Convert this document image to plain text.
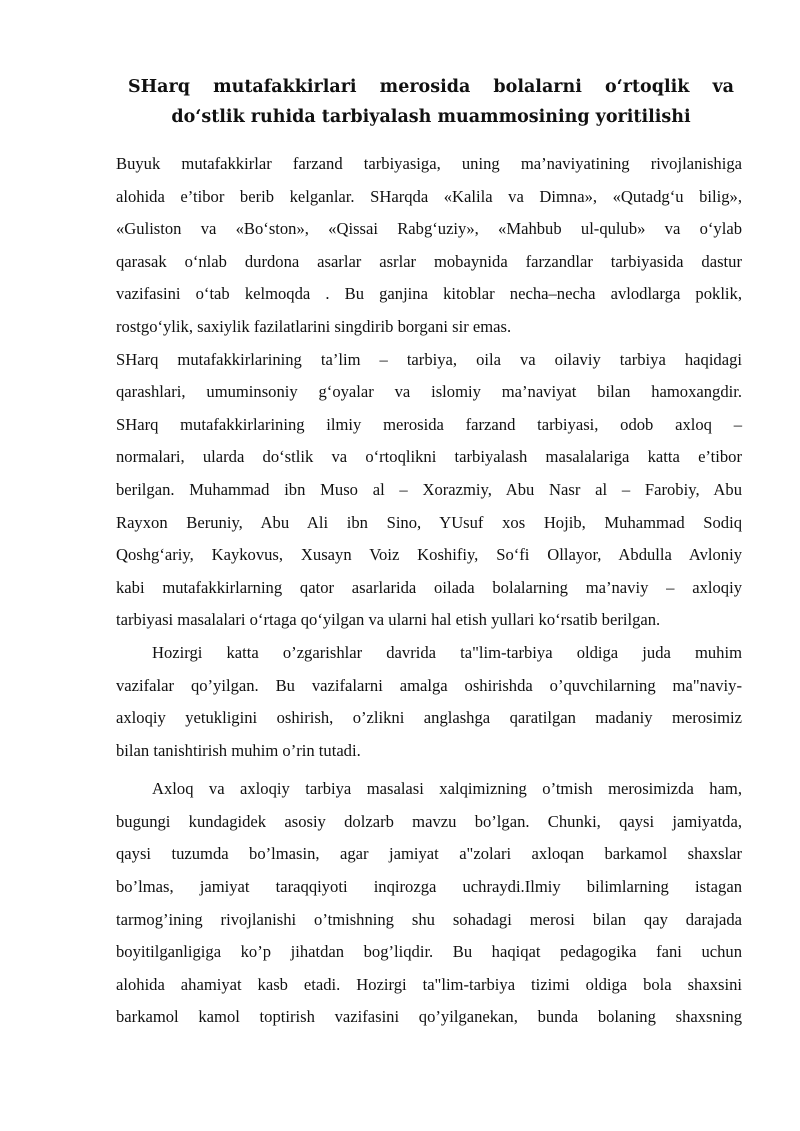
SHarq mutafakkirlari merosida bolalarni o‘rtoqlik va
do‘stlik ruhida tarbiyalash muammosining yoritilishi

Buyuk mutafakkirlar farzand tarbiyasiga, uning ma’naviyatining rivojlanishiga
alohida e’tibor berib kelganlar. SHarqda «Kalila va Dimna», «Qutadg‘u bilig»,
«Guliston va «Bo‘ston», «Qissai Rabg‘uziy», «Mahbub ul-qulub» va o‘ylab
qarasak o‘nlab durdona asarlar asrlar mobaynida farzandlar tarbiyasida dastur
vazifasini o‘tab kelmoqda . Bu ganjina kitoblar necha–necha avlodlarga poklik,
rostgo‘ylik, saxiylik fazilatlarini singdirib borgani sir emas.

SHarq mutafakkirlarining ta’lim – tarbiya, oila va oilaviy tarbiya haqidagi
qarashlari, umuminsoniy g‘oyalar va islomiy ma’naviyat bilan hamoxangdir.
SHarq mutafakkirlarining ilmiy merosida farzand tarbiyasi, odob axloq –
normalari, ularda do‘stlik va o‘rtoqlikni tarbiyalash masalalariga katta e’tibor
berilgan. Muhammad ibn Muso al – Xorazmiy, Abu Nasr al – Farobiy, Abu
Rayxon Beruniy, Abu Ali ibn Sino, YUsuf xos Hojib, Muhammad Sodiq
Qoshg‘ariy, Kaykovus, Xusayn Voiz Koshifiy, So‘fi Ollayor, Abdulla Avloniy
kabi mutafakkirlarning qator asarlarida oilada bolalarning ma’naviy – axloqiy
tarbiyasi masalalari o‘rtaga qo‘yilgan va ularni hal etish yullari ko‘rsatib berilgan.

Hozirgi katta o’zgarishlar davrida ta"lim-tarbiya oldiga juda muhim
vazifalar qo’yilgan. Bu vazifalarni amalga oshirishda o’quvchilarning ma"naviy-
axloqiy yetukligini oshirish, o’zlikni anglashga qaratilgan madaniy merosimiz
bilan tanishtirish muhim o’rin tutadi.

Axloq va axloqiy tarbiya masalasi xalqimizning o’tmish merosimizda ham,
bugungi kundagidek asosiy dolzarb mavzu bo’lgan. Chunki, qaysi jamiyatda,
qaysi tuzumda bo’lmasin, agar jamiyat a"zolari axloqan barkamol shaxslar
bo’lmas, jamiyat taraqqiyoti inqirozga uchraydi.Ilmiy bilimlarning istagan
tarmog’ining rivojlanishi o’tmishning shu sohadagi merosi bilan qay darajada
boyitilganligiga ko’p jihatdan bog’liqdir. Bu haqiqat pedagogika fani uchun
alohida ahamiyat kasb etadi. Hozirgi ta"lim-tarbiya tizimi oldiga bola shaxsini
barkamol kamol toptirish vazifasini qo’yilganekan, bunda bolaning shaxsning
